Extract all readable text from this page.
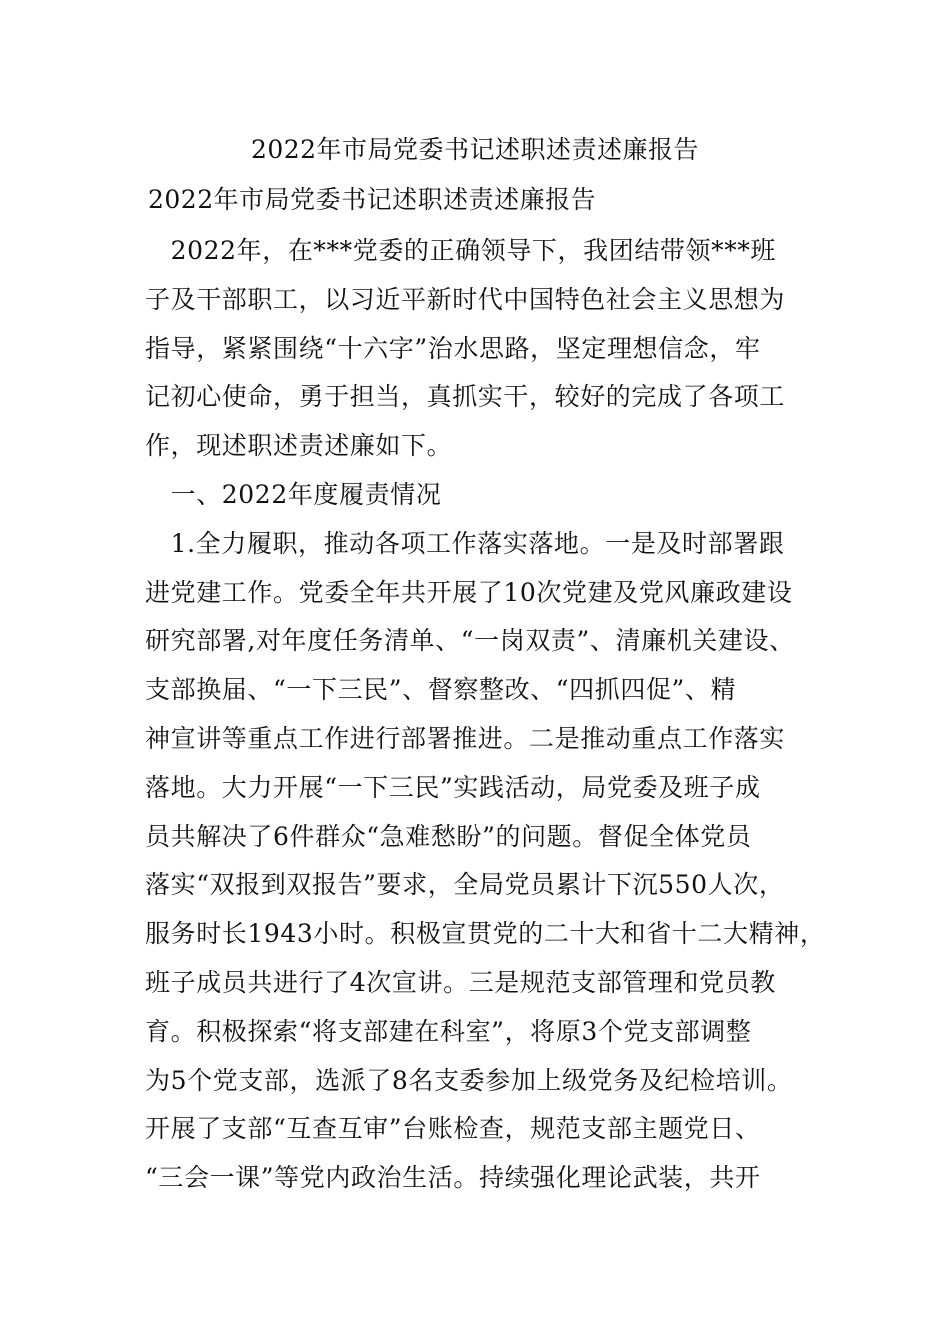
2022年市局党委书记述职述责述廉报告
2022年市局党委书记述职述责述廉报告
　2022年，在***党委的正确领导下，我团结带领***班
子及干部职工，以习近平新时代中国特色社会主义思想为
指导，紧紧围绕“十六字”治水思路，坚定理想信念，牢
记初心使命，勇于担当，真抓实干，较好的完成了各项工
作，现述职述责述廉如下。
　一、2022年度履责情况
　1.全力履职，推动各项工作落实落地。一是及时部署跟
进党建工作。党委全年共开展了10次党建及党风廉政建设
研究部署,对年度任务清单、“一岗双责”、清廉机关建设、
支部换届、“一下三民”、督察整改、“四抓四促”、精
神宣讲等重点工作进行部署推进。二是推动重点工作落实
落地。大力开展“一下三民”实践活动，局党委及班子成
员共解决了6件群众“急难愁盼”的问题。督促全体党员
落实“双报到双报告”要求，全局党员累计下沉550人次，
服务时长1943小时。积极宣贯党的二十大和省十二大精神，
班子成员共进行了4次宣讲。三是规范支部管理和党员教
育。积极探索“将支部建在科室”，将原3个党支部调整
为5个党支部，选派了8名支委参加上级党务及纪检培训。
开展了支部“互查互审”台账检查，规范支部主题党日、
“三会一课”等党内政治生活。持续强化理论武装，共开
